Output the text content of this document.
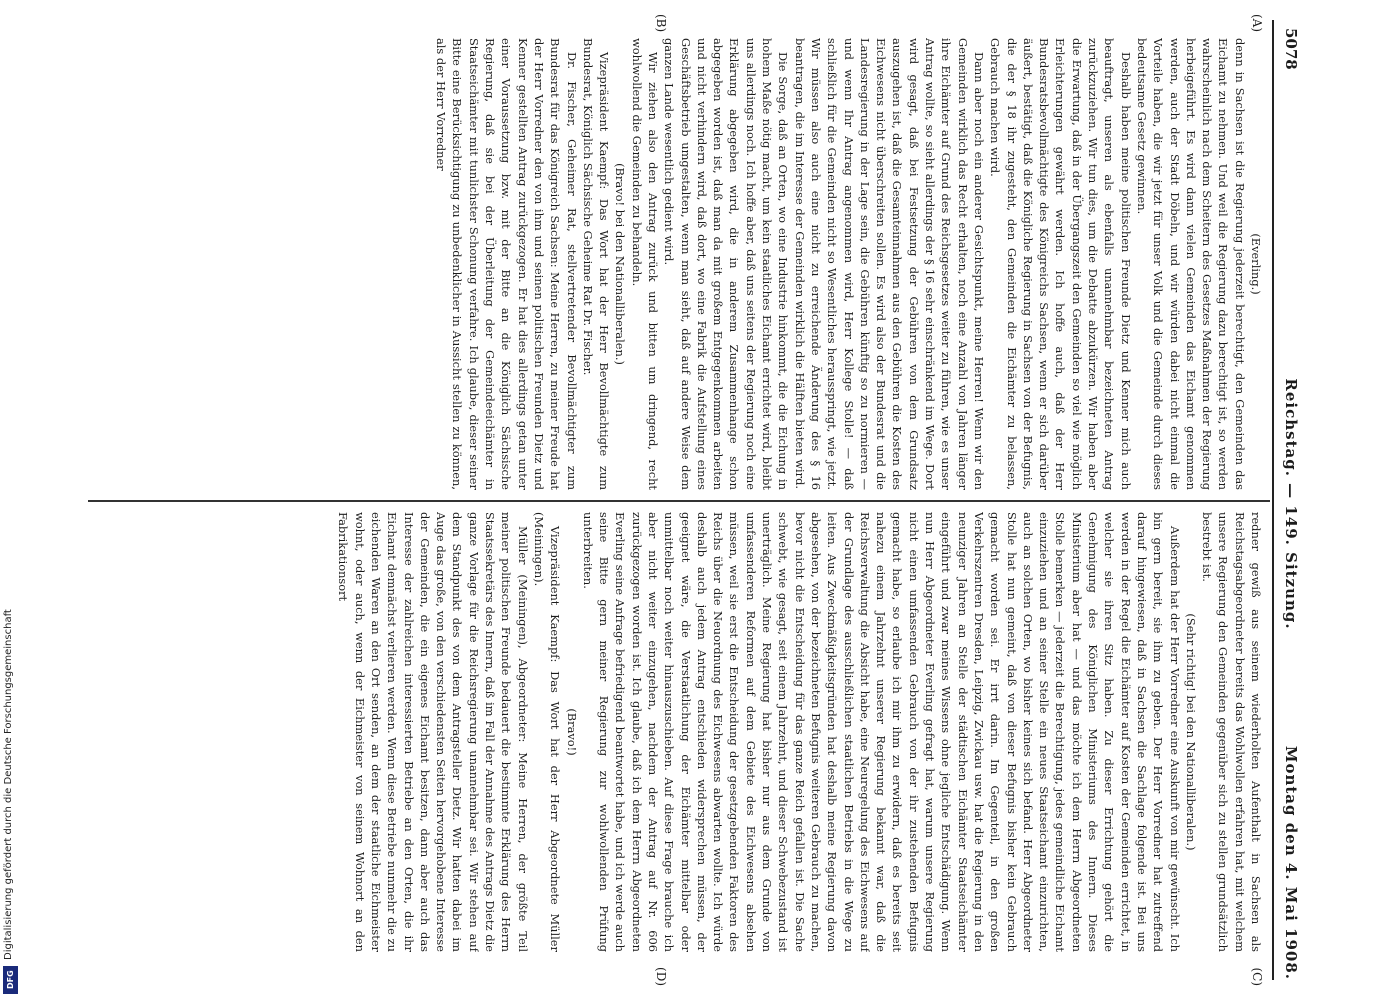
Digitalisierung gefördert durch die Deutsche Forschungsgemeinschaft
DFG
5078
Reichstag. — 149. Sitzung.
Montag den 4. Mai 1908.
(A)
(B)
(C)
(D)

(Everling.)

denn in Sachsen ist die Regierung jederzeit berechtigt, den Gemeinden das Eichamt zu nehmen. Und weil die Regierung dazu berechtigt ist, so werden wahrscheinlich nach dem Scheitern des Gesetzes Maßnahmen der Regierung herbeigeführt. Es wird dann vielen Gemeinden das Eichamt genommen werden, auch der Stadt Döbeln, und wir würden dabei nicht einmal die Vorteile haben, die wir jetzt für unser Volk und die Gemeinde durch dieses bedeutsame Gesetz gewinnen.

Deshalb haben meine politischen Freunde Dietz und Kenner mich auch beauftragt, unseren als ebenfalls unannehmbar bezeichneten Antrag zurückzuziehen. Wir tun dies, um die Debatte abzukürzen. Wir haben aber die Erwartung, daß in der Übergangszeit den Gemeinden so viel wie möglich Erleichterungen gewährt werden. Ich hoffe auch, daß der Herr Bundesratsbevollmächtigte des Königreichs Sachsen, wenn er sich darüber äußert, bestätigt, daß die Königliche Regierung in Sachsen von der Befugnis, die der § 18 ihr zugesteht, den Gemeinden die Eichämter zu belassen, Gebrauch machen wird.

Dann aber noch ein anderer Gesichtspunkt, meine Herren! Wenn wir den Gemeinden wirklich das Recht erhalten, noch eine Anzahl von Jahren länger ihre Eichämter auf Grund des Reichsgesetzes weiter zu führen, wie es unser Antrag wollte, so sieht allerdings der § 16 sehr einschränkend im Wege. Dort wird gesagt, daß bei Festsetzung der Gebühren von dem Grundsatz auszugehen ist, daß die Gesamteinnahmen aus den Gebühren die Kosten des Eichwesens nicht überschreiten sollen. Es wird also der Bundesrat und die Landesregierung in der Lage sein, die Gebühren künftig so zu normieren — und wenn Ihr Antrag angenommen wird, Herr Kollege Stolle! — daß schließlich für die Gemeinden nicht so Wesentliches herausspringt, wie jetzt. Wir müssen also auch eine nicht zu erreichende Änderung des § 16 beantragen, die im Interesse der Gemeinden wirklich die Hälften bieten wird.

Die Sorge, daß an Orten, wo eine Industrie hinkommt, die die Eichung in hohem Maße nötig macht, um kein staatliches Eichamt errichtet wird, bleibt uns allerdings noch. Ich hoffe aber, daß uns seitens der Regierung noch eine Erklärung abgegeben wird, die in anderem Zusammenhange schon abgegeben worden ist, daß man da mit großem Entgegenkommen arbeiten und nicht verhindern wird, daß dort, wo eine Fabrik die Aufstellung eines Geschäftsbetrieb umgestalten, wenn man sieht, daß auf andere Weise dem ganzen Lande wesentlich gedient wird.

Wir ziehen also den Antrag zurück und bitten um dringend, recht wohlwollend die Gemeinden zu behandeln.

(Bravo! bei den Nationalliberalen.)

Vizepräsident Kaempf: Das Wort hat der Herr Bevollmächtigte zum Bundesrat, Königlich Sächsische Geheime Rat Dr. Fischer.

Dr. Fischer, Geheimer Rat, stellvertretender Bevollmächtigter zum Bundesrat für das Königreich Sachsen: Meine Herren, zu meiner Freude hat der Herr Vorredner den von ihm und seinen politischen Freunden Dietz und Kenner gestellten Antrag zurückgezogen. Er hat dies allerdings getan unter einer Voraussetzung bzw. mit der Bitte an die Königlich Sächsische Regierung, daß sie bei der Überleitung der Gemeindeeichämter in Staatseichämter mit tunlichster Schonung verfahre. Ich glaube, dieser seiner Bitte eine Berücksichtigung zu unbedenklicher in Aussicht stellen zu können, als der Herr Vorredner

redner gewiß aus seinem wiederholten Aufenthalt in Sachsen als Reichstagsabgeordneter bereits das Wohlwollen erfahren hat, mit welchem unsere Regierung den Gemeinden gegenüber sich zu stellen grundsätzlich bestrebt ist.

(Sehr richtig! bei den Nationalliberalen.)

Außerdem hat der Herr Vorredner eine Auskunft von mir gewünscht. Ich bin gern bereit, sie ihm zu geben. Der Herr Vorredner hat zutreffend darauf hingewiesen, daß in Sachsen die Sachlage folgende ist. Bei uns werden in der Regel die Eichämter auf Kosten der Gemeinden errichtet, in welcher sie ihren Sitz haben. Zu dieser Errichtung gehört die Genehmigung des Königlichen Ministeriums des Innern. Dieses Ministerium aber hat — und das möchte ich dem Herrn Abgeordneten Stolle bemerken — jederzeit die Berechtigung, jedes gemeindliche Eichamt einzuziehen und an seiner Stelle ein neues Staatseichamt einzurichten, auch an solchen Orten, wo bisher keines sich befand. Herr Abgeordneter Stolle hat nun gemeint, daß von dieser Befugnis bisher kein Gebrauch gemacht worden sei. Er irrt darin. Im Gegenteil, in den großen Verkehrszentren Dresden, Leipzig, Zwickau usw. hat die Regierung in den neunziger Jahren an Stelle der städtischen Eichämter Staatseichämter eingeführt und zwar meines Wissens ohne jegliche Entschädigung. Wenn nun Herr Abgeordneter Everling gefragt hat, warum unsere Regierung nicht einen umfassenden Gebrauch von der ihr zustehenden Befugnis gemacht habe, so erlaube ich mir ihm zu erwidern, daß es bereits seit nahezu einem Jahrzehnt unserer Regierung bekannt war, daß die Reichsverwaltung die Absicht habe, eine Neuregelung des Eichwesens auf der Grundlage des ausschließlichen staatlichen Betriebs in die Wege zu leiten. Aus Zweckmäßigkeitsgründen hat deshalb meine Regierung davon abgesehen, von der bezeichneten Befugnis weiteren Gebrauch zu machen, bevor nicht die Entscheidung für das ganze Reich gefallen ist. Die Sache schwebt, wie gesagt, seit einem Jahrzehnt, und dieser Schwebezustand ist unerträglich. Meine Regierung hat bisher nur aus dem Grunde von umfassenderen Reformen auf dem Gebiete des Eichwesens absehen müssen, weil sie erst die Entscheidung der gesetzgebenden Faktoren des Reichs über die Neuordnung des Eichwesens abwarten wollte. Ich würde deshalb auch jedem Antrag entschieden widersprechen müssen, der geeignet wäre, die Verstaatlichung der Eichämter mittelbar oder unmittelbar noch weiter hinauszuschieben. Auf diese Frage brauche ich aber nicht weiter einzugehen, nachdem der Antrag auf Nr. 606 zurückgezogen worden ist. Ich glaube, daß ich dem Herrn Abgeordneten Everling seine Anfrage befriedigend beantwortet habe, und ich werde auch seine Bitte gern meiner Regierung zur wohlwollenden Prüfung unterbreiten.

(Bravo!)

Vizepräsident Kaempf: Das Wort hat der Herr Abgeordnete Müller (Meiningen).

Müller (Meiningen), Abgeordneter: Meine Herren, der größte Teil meiner politischen Freunde bedauert die bestimmte Erklärung des Herrn Staatssekretärs des Innern, daß im Fall der Annahme des Antrags Dietz die ganze Vorlage für die Reichsregierung unannehmbar sei. Wir stehen auf dem Standpunkt des von dem Antragsteller Dietz. Wir hatten dabei im Auge das große, von den verschiedensten Seiten hervorgehobene Interesse der Gemeinden, die ein eigenes Eichamt besitzen, dann aber auch das Interesse der zahlreichen interessierten Betriebe an den Orten, die ihr Eichamt demnächst verlieren werden. Wenn diese Betriebe nunmehr die zu eichenden Waren an den Ort senden, an dem der staatliche Eichmeister wohnt, oder auch, wenn der Eichmeister von seinem Wohnort an den Fabrikationsort
